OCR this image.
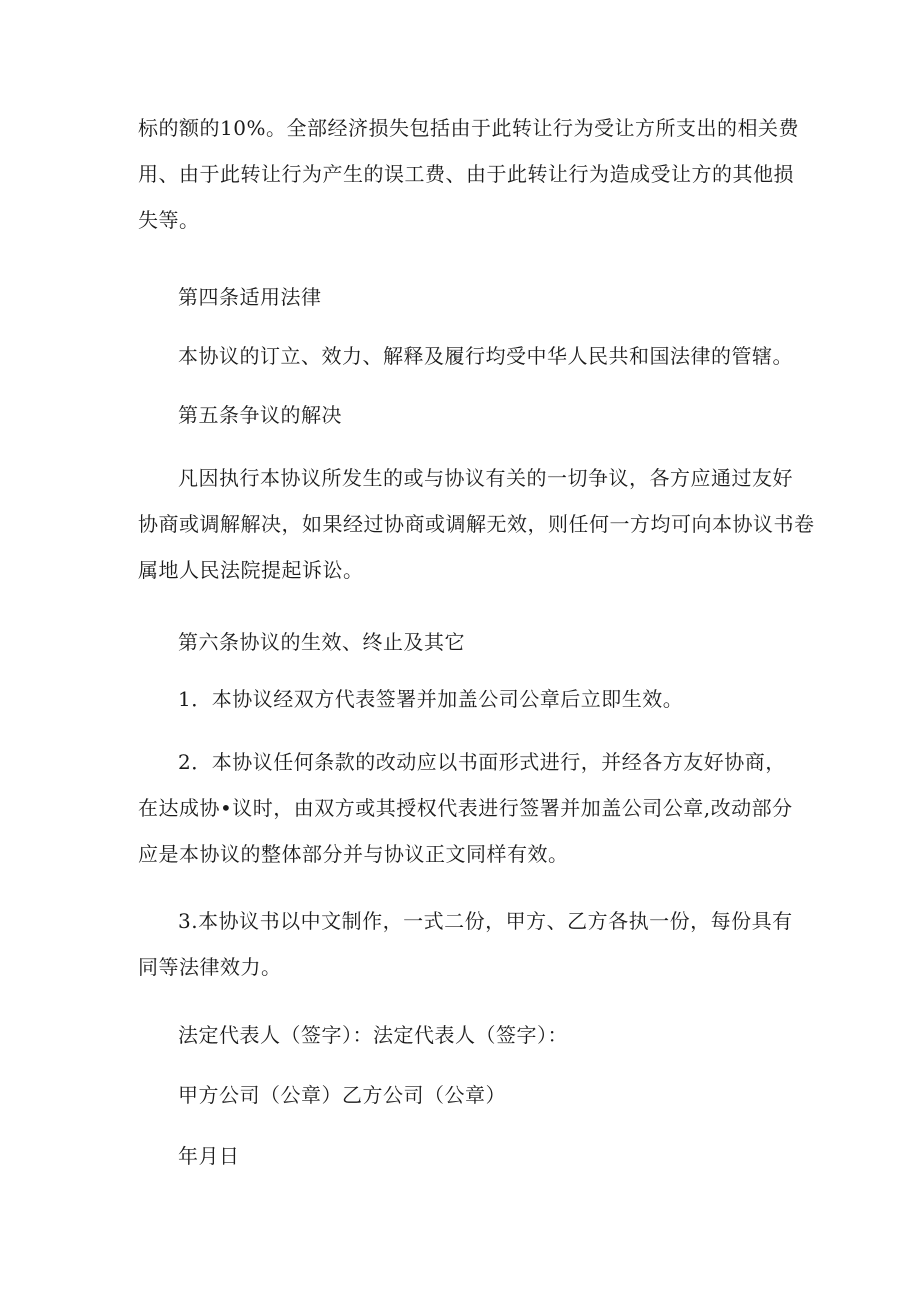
标的额的10%。全部经济损失包括由于此转让行为受让方所支出的相关费
用、由于此转让行为产生的误工费、由于此转让行为造成受让方的其他损
失等。

第四条适用法律

本协议的订立、效力、解释及履行均受中华人民共和国法律的管辖。

第五条争议的解决

凡因执行本协议所发生的或与协议有关的一切争议，各方应通过友好
协商或调解解决，如果经过协商或调解无效，则任何一方均可向本协议书卷
属地人民法院提起诉讼。

第六条协议的生效、终止及其它

1．本协议经双方代表签署并加盖公司公章后立即生效。

2．本协议任何条款的改动应以书面形式进行，并经各方友好协商，
在达成协•议时，由双方或其授权代表进行签署并加盖公司公章,改动部分
应是本协议的整体部分并与协议正文同样有效。

3.本协议书以中文制作，一式二份，甲方、乙方各执一份，每份具有
同等法律效力。

法定代表人（签字）：法定代表人（签字）：

甲方公司（公章）乙方公司（公章）

年月日
